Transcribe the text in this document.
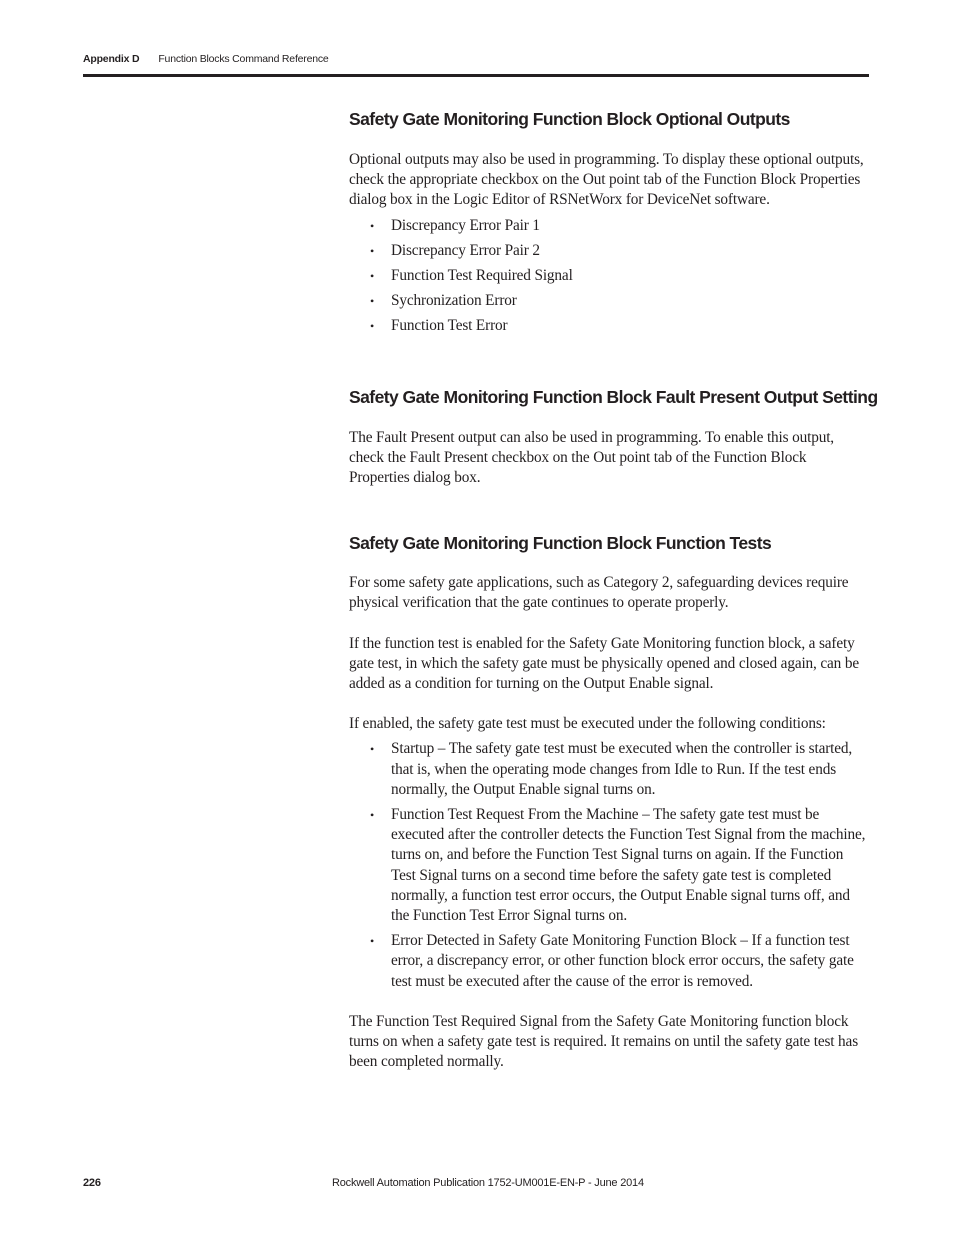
Appendix D Function Blocks Command Reference
Safety Gate Monitoring Function Block Optional Outputs

Optional outputs may also be used in programming. To display these optional outputs, check the appropriate checkbox on the Out point tab of the Function Block Properties dialog box in the Logic Editor of RSNetWorx for DeviceNet software.

• Discrepancy Error Pair 1
• Discrepancy Error Pair 2
• Function Test Required Signal
• Sychronization Error
• Function Test Error
Safety Gate Monitoring Function Block Fault Present Output Setting

The Fault Present output can also be used in programming. To enable this output, check the Fault Present checkbox on the Out point tab of the Function Block Properties dialog box.

Safety Gate Monitoring Function Block Function Tests

For some safety gate applications, such as Category 2, safeguarding devices require physical verification that the gate continues to operate properly.

If the function test is enabled for the Safety Gate Monitoring function block, a safety gate test, in which the safety gate must be physically opened and closed again, can be added as a condition for turning on the Output Enable signal.

If enabled, the safety gate test must be executed under the following conditions:

• Startup – The safety gate test must be executed when the controller is started, that is, when the operating mode changes from Idle to Run. If the test ends normally, the Output Enable signal turns on.
• Function Test Request From the Machine – The safety gate test must be executed after the controller detects the Function Test Signal from the machine, turns on, and before the Function Test Signal turns on again. If the Function Test Signal turns on a second time before the safety gate test is completed normally, a function test error occurs, the Output Enable signal turns off, and the Function Test Error Signal turns on.
• Error Detected in Safety Gate Monitoring Function Block – If a function test error, a discrepancy error, or other function block error occurs, the safety gate test must be executed after the cause of the error is removed.

The Function Test Required Signal from the Safety Gate Monitoring function block turns on when a safety gate test is required. It remains on until the safety gate test has been completed normally.

226	Rockwell Automation Publication 1752-UM001E-EN-P - June 2014
